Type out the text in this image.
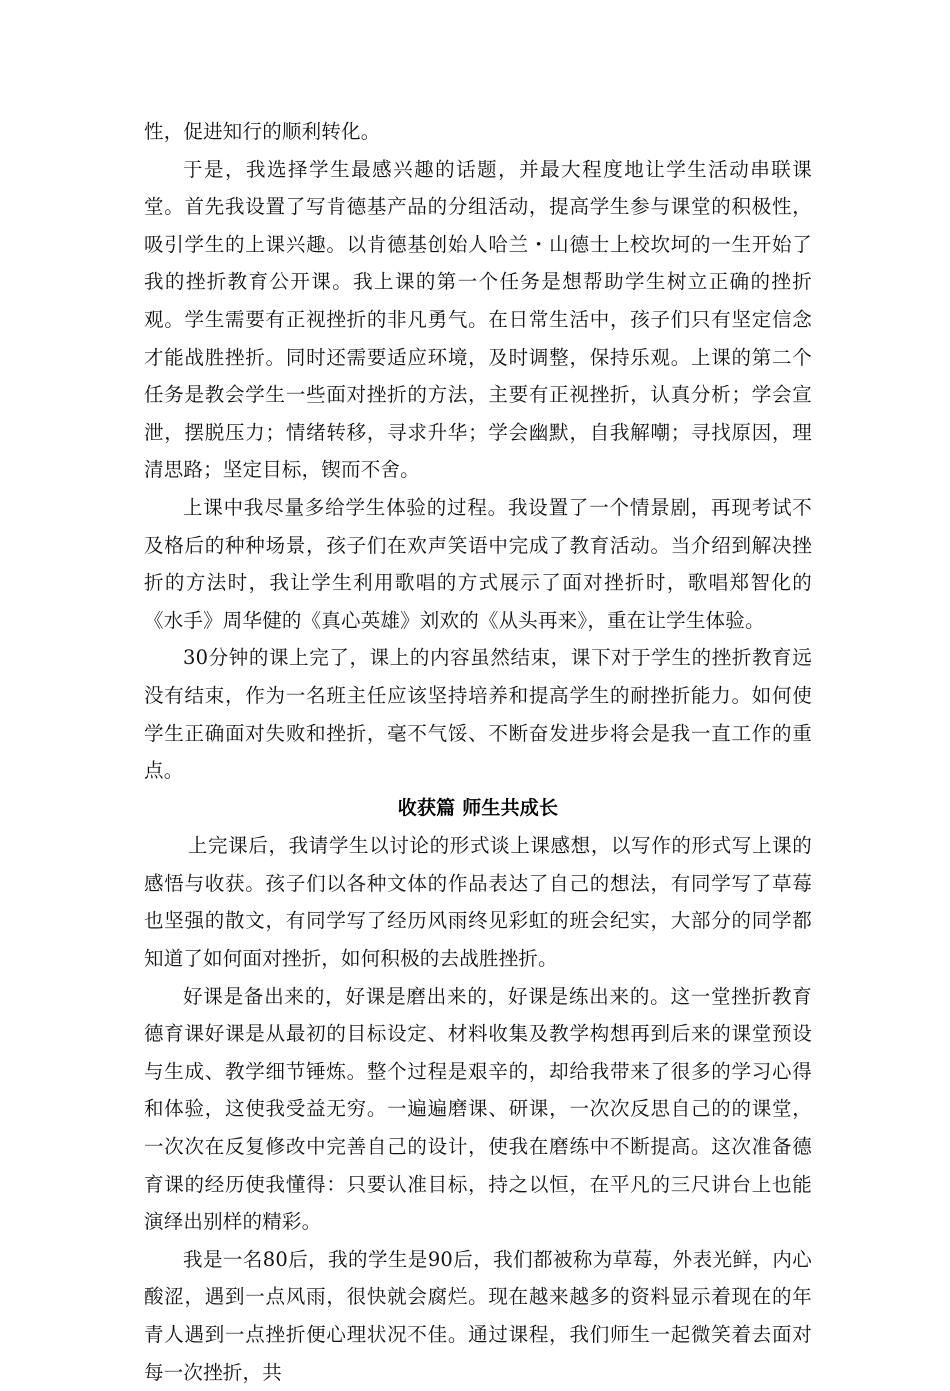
性，促进知行的顺利转化。

于是，我选择学生最感兴趣的话题，并最大程度地让学生活动串联课堂。首先我设置了写肯德基产品的分组活动，提高学生参与课堂的积极性，吸引学生的上课兴趣。以肯德基创始人哈兰・山德士上校坎坷的一生开始了我的挫折教育公开课。我上课的第一个任务是想帮助学生树立正确的挫折观。学生需要有正视挫折的非凡勇气。在日常生活中，孩子们只有坚定信念才能战胜挫折。同时还需要适应环境，及时调整，保持乐观。上课的第二个任务是教会学生一些面对挫折的方法，主要有正视挫折，认真分析；学会宣泄，摆脱压力；情绪转移，寻求升华；学会幽默，自我解嘲；寻找原因，理清思路；坚定目标，锲而不舍。

上课中我尽量多给学生体验的过程。我设置了一个情景剧，再现考试不及格后的种种场景，孩子们在欢声笑语中完成了教育活动。当介绍到解决挫折的方法时，我让学生利用歌唱的方式展示了面对挫折时，歌唱郑智化的《水手》周华健的《真心英雄》刘欢的《从头再来》，重在让学生体验。

30分钟的课上完了，课上的内容虽然结束，课下对于学生的挫折教育远没有结束，作为一名班主任应该坚持培养和提高学生的耐挫折能力。如何使学生正确面对失败和挫折，毫不气馁、不断奋发进步将会是我一直工作的重点。

收获篇 师生共成长

上完课后，我请学生以讨论的形式谈上课感想，以写作的形式写上课的感悟与收获。孩子们以各种文体的作品表达了自己的想法，有同学写了草莓也坚强的散文，有同学写了经历风雨终见彩虹的班会纪实，大部分的同学都知道了如何面对挫折，如何积极的去战胜挫折。

好课是备出来的，好课是磨出来的，好课是练出来的。这一堂挫折教育德育课好课是从最初的目标设定、材料收集及教学构想再到后来的课堂预设与生成、教学细节锤炼。整个过程是艰辛的，却给我带来了很多的学习心得和体验，这使我受益无穷。一遍遍磨课、研课，一次次反思自己的的课堂，一次次在反复修改中完善自己的设计，使我在磨练中不断提高。这次准备德育课的经历使我懂得：只要认准目标，持之以恒，在平凡的三尺讲台上也能演绎出别样的精彩。

我是一名80后，我的学生是90后，我们都被称为草莓，外表光鲜，内心酸涩，遇到一点风雨，很快就会腐烂。现在越来越多的资料显示着现在的年青人遇到一点挫折便心理状况不佳。通过课程，我们师生一起微笑着去面对每一次挫折，共
